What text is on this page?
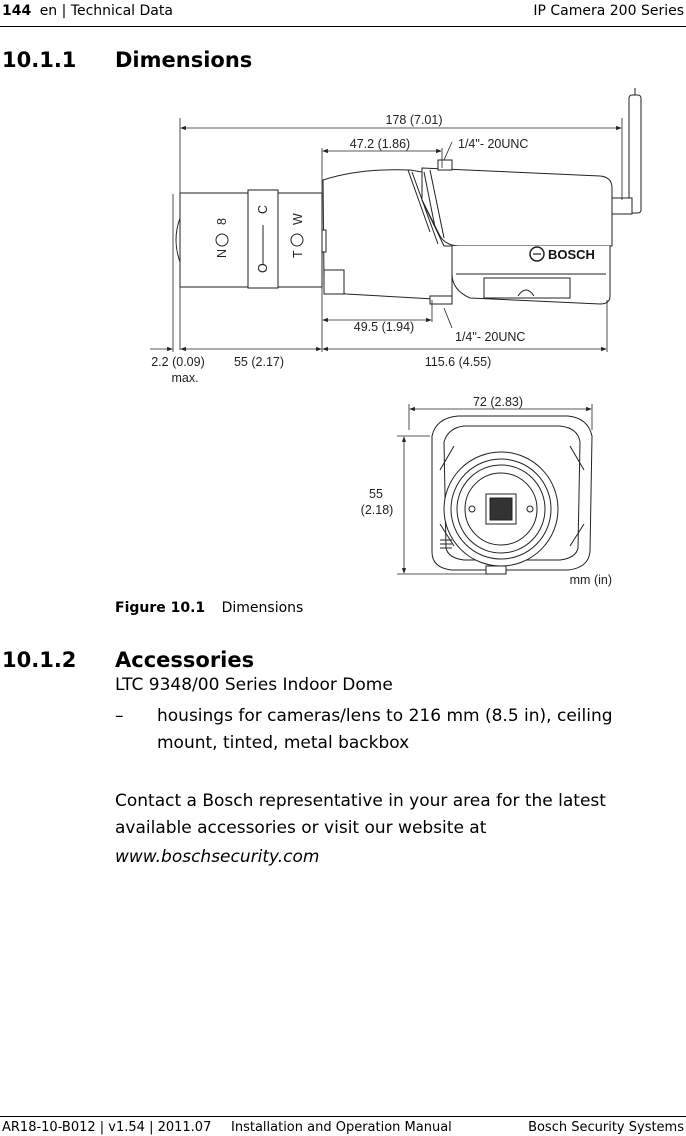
144 en | Technical Data	IP Camera 200 Series
10.1.1 Dimensions
N
8
O
C
T
W
BOSCH
178 (7.01)
47.2 (1.86)	1/4"- 20UNC
49.5 (1.94)
1/4"- 20UNC
2.2 (0.09)
max.
55 (2.17)	115.6 (4.55)
72 (2.83)
55
(2.18)
mm (in)
Figure 10.1 Dimensions
10.1.2 Accessories
LTC 9348/00 Series Indoor Dome
– housings for cameras/lens to 216 mm (8.5 in), ceiling
mount, tinted, metal backbox
Contact a Bosch representative in your area for the latest
available accessories or visit our website at
www.boschsecurity.com
AR18-10-B012 | v1.54 | 2011.07 Installation and Operation Manual	Bosch Security Systems
